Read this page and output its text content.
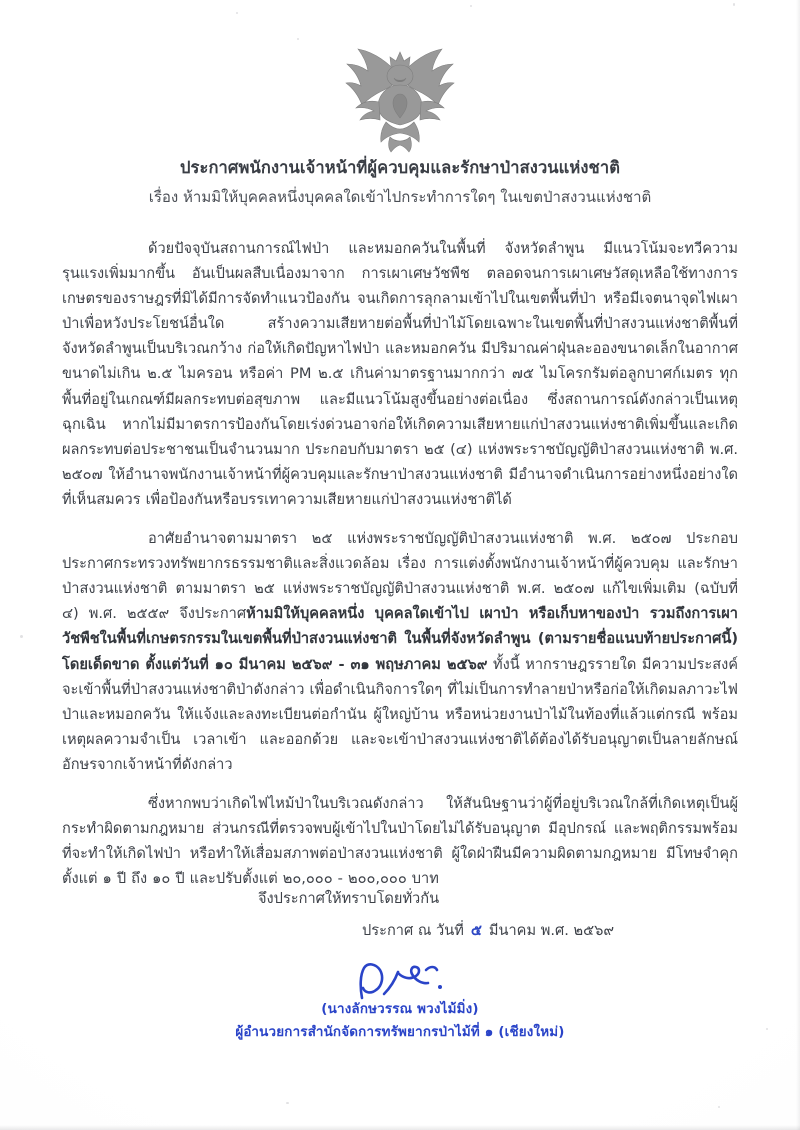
ประกาศพนักงานเจ้าหน้าที่ผู้ควบคุมและรักษาป่าสงวนแห่งชาติ
เรื่อง ห้ามมิให้บุคคลหนึ่งบุคคลใดเข้าไปกระทำการใดๆ ในเขตป่าสงวนแห่งชาติ

ด้วยปัจจุบันสถานการณ์ไฟป่า และหมอกควันในพื้นที่ จังหวัดลำพูน มีแนวโน้มจะทวีความรุนแรงเพิ่มมากขึ้น อันเป็นผลสืบเนื่องมาจาก การเผาเศษวัชพืช ตลอดจนการเผาเศษวัสดุเหลือใช้ทางการเกษตรของราษฎรที่มิได้มีการจัดทำแนวป้องกัน จนเกิดการลุกลามเข้าไปในเขตพื้นที่ป่า หรือมีเจตนาจุดไฟเผาป่าเพื่อหวังประโยชน์อื่นใด สร้างความเสียหายต่อพื้นที่ป่าไม้โดยเฉพาะในเขตพื้นที่ป่าสงวนแห่งชาติพื้นที่จังหวัดลำพูนเป็นบริเวณกว้าง ก่อให้เกิดปัญหาไฟป่า และหมอกควัน มีปริมาณค่าฝุ่นละอองขนาดเล็กในอากาศขนาดไม่เกิน ๒.๕ ไมครอน หรือค่า PM ๒.๕ เกินค่ามาตรฐานมากกว่า ๗๕ ไมโครกรัมต่อลูกบาศก์เมตร ทุกพื้นที่อยู่ในเกณฑ์มีผลกระทบต่อสุขภาพ และมีแนวโน้มสูงขึ้นอย่างต่อเนื่อง ซึ่งสถานการณ์ดังกล่าวเป็นเหตุฉุกเฉิน หากไม่มีมาตรการป้องกันโดยเร่งด่วนอาจก่อให้เกิดความเสียหายแก่ป่าสงวนแห่งชาติเพิ่มขึ้นและเกิดผลกระทบต่อประชาชนเป็นจำนวนมาก ประกอบกับมาตรา ๒๕ (๔) แห่งพระราชบัญญัติป่าสงวนแห่งชาติ พ.ศ. ๒๕๐๗ ให้อำนาจพนักงานเจ้าหน้าที่ผู้ควบคุมและรักษาป่าสงวนแห่งชาติ มีอำนาจดำเนินการอย่างหนึ่งอย่างใดที่เห็นสมควร เพื่อป้องกันหรือบรรเทาความเสียหายแก่ป่าสงวนแห่งชาติได้

อาศัยอำนาจตามมาตรา ๒๕ แห่งพระราชบัญญัติป่าสงวนแห่งชาติ พ.ศ. ๒๕๐๗ ประกอบ ประกาศกระทรวงทรัพยากรธรรมชาติและสิ่งแวดล้อม เรื่อง การแต่งตั้งพนักงานเจ้าหน้าที่ผู้ควบคุม และรักษาป่าสงวนแห่งชาติ ตามมาตรา ๒๕ แห่งพระราชบัญญัติป่าสงวนแห่งชาติ พ.ศ. ๒๕๐๗ แก้ไขเพิ่มเติม (ฉบับที่ ๔) พ.ศ. ๒๕๕๙ จึงประกาศห้ามมิให้บุคคลหนึ่ง บุคคลใดเข้าไป เผาป่า หรือเก็บหาของป่า รวมถึงการเผาวัชพืชในพื้นที่เกษตรกรรมในเขตพื้นที่ป่าสงวนแห่งชาติ ในพื้นที่จังหวัดลำพูน (ตามรายชื่อแนบท้ายประกาศนี้) โดยเด็ดขาด ตั้งแต่วันที่ ๑๐ มีนาคม ๒๕๖๙ - ๓๑ พฤษภาคม ๒๕๖๙ ทั้งนี้ หากราษฎรรายใด มีความประสงค์จะเข้าพื้นที่ป่าสงวนแห่งชาติป่าดังกล่าว เพื่อดำเนินกิจการใดๆ ที่ไม่เป็นการทำลายป่าหรือก่อให้เกิดมลภาวะไฟป่าและหมอกควัน ให้แจ้งและลงทะเบียนต่อกำนัน ผู้ใหญ่บ้าน หรือหน่วยงานป่าไม้ในท้องที่แล้วแต่กรณี พร้อมเหตุผลความจำเป็น เวลาเข้า และออกด้วย และจะเข้าป่าสงวนแห่งชาติได้ต้องได้รับอนุญาตเป็นลายลักษณ์อักษรจากเจ้าหน้าที่ดังกล่าว

ซึ่งหากพบว่าเกิดไฟไหม้ป่าในบริเวณดังกล่าว ให้สันนิษฐานว่าผู้ที่อยู่บริเวณใกล้ที่เกิดเหตุเป็นผู้กระทำผิดตามกฎหมาย ส่วนกรณีที่ตรวจพบผู้เข้าไปในป่าโดยไม่ได้รับอนุญาต มีอุปกรณ์ และพฤติกรรมพร้อมที่จะทำให้เกิดไฟป่า หรือทำให้เสื่อมสภาพต่อป่าสงวนแห่งชาติ ผู้ใดฝ่าฝืนมีความผิดตามกฎหมาย มีโทษจำคุกตั้งแต่ ๑ ปี ถึง ๑๐ ปี และปรับตั้งแต่ ๒๐,๐๐๐ - ๒๐๐,๐๐๐ บาท

จึงประกาศให้ทราบโดยทั่วกัน
ประกาศ ณ วันที่ ๕ มีนาคม พ.ศ. ๒๕๖๙
(นางลักษวรรณ พวงไม้มิ่ง)
ผู้อำนวยการสำนักจัดการทรัพยากรป่าไม้ที่ ๑ (เชียงใหม่)
